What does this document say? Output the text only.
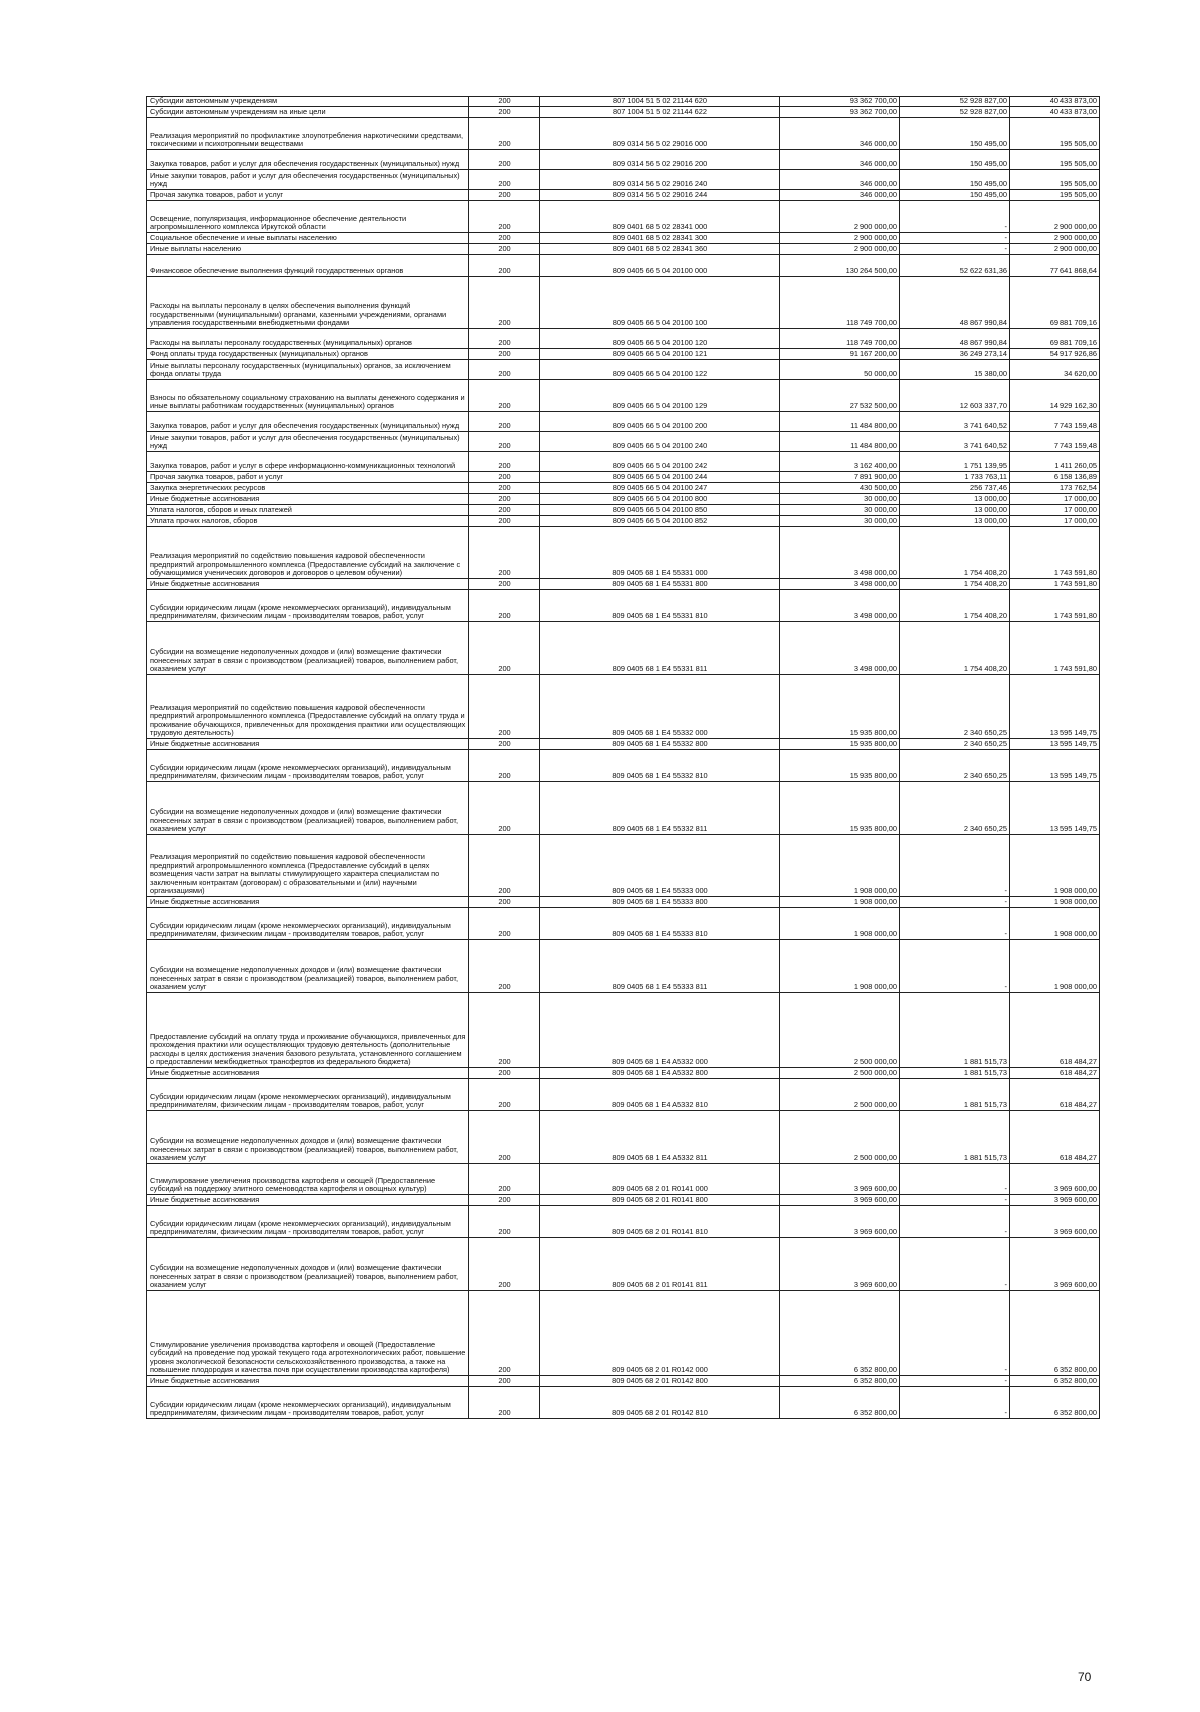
Субсидии автономным учреждениям	200	807 1004 51 5 02 21144 620	93 362 700,00	52 928 827,00	40 433 873,00
Субсидии автономным учреждениям на иные цели	200	807 1004 51 5 02 21144 622	93 362 700,00	52 928 827,00	40 433 873,00
Реализация мероприятий по профилактике злоупотребления наркотическими средствами, токсическими и психотропными веществами	200	809 0314 56 5 02 29016 000	346 000,00	150 495,00	195 505,00
Закупка товаров, работ и услуг для обеспечения государственных (муниципальных) нужд	200	809 0314 56 5 02 29016 200	346 000,00	150 495,00	195 505,00
Иные закупки товаров, работ и услуг для обеспечения государственных (муниципальных) нужд	200	809 0314 56 5 02 29016 240	346 000,00	150 495,00	195 505,00
Прочая закупка товаров, работ и услуг	200	809 0314 56 5 02 29016 244	346 000,00	150 495,00	195 505,00
Освещение, популяризация, информационное обеспечение деятельности агропромышленного комплекса Иркутской области	200	809 0401 68 5 02 28341 000	2 900 000,00	-	2 900 000,00
Социальное обеспечение и иные выплаты населению	200	809 0401 68 5 02 28341 300	2 900 000,00	-	2 900 000,00
Иные выплаты населению	200	809 0401 68 5 02 28341 360	2 900 000,00	-	2 900 000,00
Финансовое обеспечение выполнения функций государственных органов	200	809 0405 66 5 04 20100 000	130 264 500,00	52 622 631,36	77 641 868,64
Расходы на выплаты персоналу в целях обеспечения выполнения функций государственными (муниципальными) органами, казенными учреждениями, органами управления государственными внебюджетными фондами	200	809 0405 66 5 04 20100 100	118 749 700,00	48 867 990,84	69 881 709,16
Расходы на выплаты персоналу государственных (муниципальных) органов	200	809 0405 66 5 04 20100 120	118 749 700,00	48 867 990,84	69 881 709,16
Фонд оплаты труда государственных (муниципальных) органов	200	809 0405 66 5 04 20100 121	91 167 200,00	36 249 273,14	54 917 926,86
Иные выплаты персоналу государственных (муниципальных) органов, за исключением фонда оплаты труда	200	809 0405 66 5 04 20100 122	50 000,00	15 380,00	34 620,00
Взносы по обязательному социальному страхованию на выплаты денежного содержания и иные выплаты работникам государственных (муниципальных) органов	200	809 0405 66 5 04 20100 129	27 532 500,00	12 603 337,70	14 929 162,30
Закупка товаров, работ и услуг для обеспечения государственных (муниципальных) нужд	200	809 0405 66 5 04 20100 200	11 484 800,00	3 741 640,52	7 743 159,48
Иные закупки товаров, работ и услуг для обеспечения государственных (муниципальных) нужд	200	809 0405 66 5 04 20100 240	11 484 800,00	3 741 640,52	7 743 159,48
Закупка товаров, работ и услуг в сфере информационно-коммуникационных технологий	200	809 0405 66 5 04 20100 242	3 162 400,00	1 751 139,95	1 411 260,05
Прочая закупка товаров, работ и услуг	200	809 0405 66 5 04 20100 244	7 891 900,00	1 733 763,11	6 158 136,89
Закупка энергетических ресурсов	200	809 0405 66 5 04 20100 247	430 500,00	256 737,46	173 762,54
Иные бюджетные ассигнования	200	809 0405 66 5 04 20100 800	30 000,00	13 000,00	17 000,00
Уплата налогов, сборов и иных платежей	200	809 0405 66 5 04 20100 850	30 000,00	13 000,00	17 000,00
Уплата прочих налогов, сборов	200	809 0405 66 5 04 20100 852	30 000,00	13 000,00	17 000,00
Реализация мероприятий по содействию повышения кадровой обеспеченности предприятий агропромышленного комплекса (Предоставление субсидий на заключение с обучающимися ученических договоров и договоров о целевом обучении)	200	809 0405 68 1 E4 55331 000	3 498 000,00	1 754 408,20	1 743 591,80
Иные бюджетные ассигнования	200	809 0405 68 1 E4 55331 800	3 498 000,00	1 754 408,20	1 743 591,80
Субсидии юридическим лицам (кроме некоммерческих организаций), индивидуальным предпринимателям, физическим лицам - производителям товаров, работ, услуг	200	809 0405 68 1 E4 55331 810	3 498 000,00	1 754 408,20	1 743 591,80
Субсидии на возмещение недополученных доходов и (или) возмещение фактически понесенных затрат в связи с производством (реализацией) товаров, выполнением работ, оказанием услуг	200	809 0405 68 1 E4 55331 811	3 498 000,00	1 754 408,20	1 743 591,80
Реализация мероприятий по содействию повышения кадровой обеспеченности предприятий агропромышленного комплекса (Предоставление субсидий на оплату труда и проживание обучающихся, привлеченных для прохождения практики или осуществляющих трудовую деятельность)	200	809 0405 68 1 E4 55332 000	15 935 800,00	2 340 650,25	13 595 149,75
Иные бюджетные ассигнования	200	809 0405 68 1 E4 55332 800	15 935 800,00	2 340 650,25	13 595 149,75
Субсидии юридическим лицам (кроме некоммерческих организаций), индивидуальным предпринимателям, физическим лицам - производителям товаров, работ, услуг	200	809 0405 68 1 E4 55332 810	15 935 800,00	2 340 650,25	13 595 149,75
Субсидии на возмещение недополученных доходов и (или) возмещение фактически понесенных затрат в связи с производством (реализацией) товаров, выполнением работ, оказанием услуг	200	809 0405 68 1 E4 55332 811	15 935 800,00	2 340 650,25	13 595 149,75
Реализация мероприятий по содействию повышения кадровой обеспеченности предприятий агропромышленного комплекса (Предоставление субсидий в целях возмещения части затрат на выплаты стимулирующего характера специалистам по заключенным контрактам (договорам) с образовательными и (или) научными организациями)	200	809 0405 68 1 E4 55333 000	1 908 000,00	-	1 908 000,00
Иные бюджетные ассигнования	200	809 0405 68 1 E4 55333 800	1 908 000,00	-	1 908 000,00
Субсидии юридическим лицам (кроме некоммерческих организаций), индивидуальным предпринимателям, физическим лицам - производителям товаров, работ, услуг	200	809 0405 68 1 E4 55333 810	1 908 000,00	-	1 908 000,00
Субсидии на возмещение недополученных доходов и (или) возмещение фактически понесенных затрат в связи с производством (реализацией) товаров, выполнением работ, оказанием услуг	200	809 0405 68 1 E4 55333 811	1 908 000,00	-	1 908 000,00
Предоставление субсидий на оплату труда и проживание обучающихся, привлеченных для прохождения практики или осуществляющих трудовую деятельность (дополнительные расходы в целях достижения значения базового результата, установленного соглашением о предоставлении межбюджетных трансфертов из федерального бюджета)	200	809 0405 68 1 E4 A5332 000	2 500 000,00	1 881 515,73	618 484,27
Иные бюджетные ассигнования	200	809 0405 68 1 E4 A5332 800	2 500 000,00	1 881 515,73	618 484,27
Субсидии юридическим лицам (кроме некоммерческих организаций), индивидуальным предпринимателям, физическим лицам - производителям товаров, работ, услуг	200	809 0405 68 1 E4 A5332 810	2 500 000,00	1 881 515,73	618 484,27
Субсидии на возмещение недополученных доходов и (или) возмещение фактически понесенных затрат в связи с производством (реализацией) товаров, выполнением работ, оказанием услуг	200	809 0405 68 1 E4 A5332 811	2 500 000,00	1 881 515,73	618 484,27
Стимулирование увеличения производства картофеля и овощей (Предоставление субсидий на поддержку элитного семеноводства картофеля и овощных культур)	200	809 0405 68 2 01 R0141 000	3 969 600,00	-	3 969 600,00
Иные бюджетные ассигнования	200	809 0405 68 2 01 R0141 800	3 969 600,00	-	3 969 600,00
Субсидии юридическим лицам (кроме некоммерческих организаций), индивидуальным предпринимателям, физическим лицам - производителям товаров, работ, услуг	200	809 0405 68 2 01 R0141 810	3 969 600,00	-	3 969 600,00
Субсидии на возмещение недополученных доходов и (или) возмещение фактически понесенных затрат в связи с производством (реализацией) товаров, выполнением работ, оказанием услуг	200	809 0405 68 2 01 R0141 811	3 969 600,00	-	3 969 600,00
Стимулирование увеличения производства картофеля и овощей (Предоставление субсидий на проведение под урожай текущего года агротехнологических работ, повышение уровня экологической безопасности сельскохозяйственного производства, а также на повышение плодородия и качества почв при осуществлении производства картофеля)	200	809 0405 68 2 01 R0142 000	6 352 800,00	-	6 352 800,00
Иные бюджетные ассигнования	200	809 0405 68 2 01 R0142 800	6 352 800,00	-	6 352 800,00
Субсидии юридическим лицам (кроме некоммерческих организаций), индивидуальным предпринимателям, физическим лицам - производителям товаров, работ, услуг	200	809 0405 68 2 01 R0142 810	6 352 800,00	-	6 352 800,00
70
